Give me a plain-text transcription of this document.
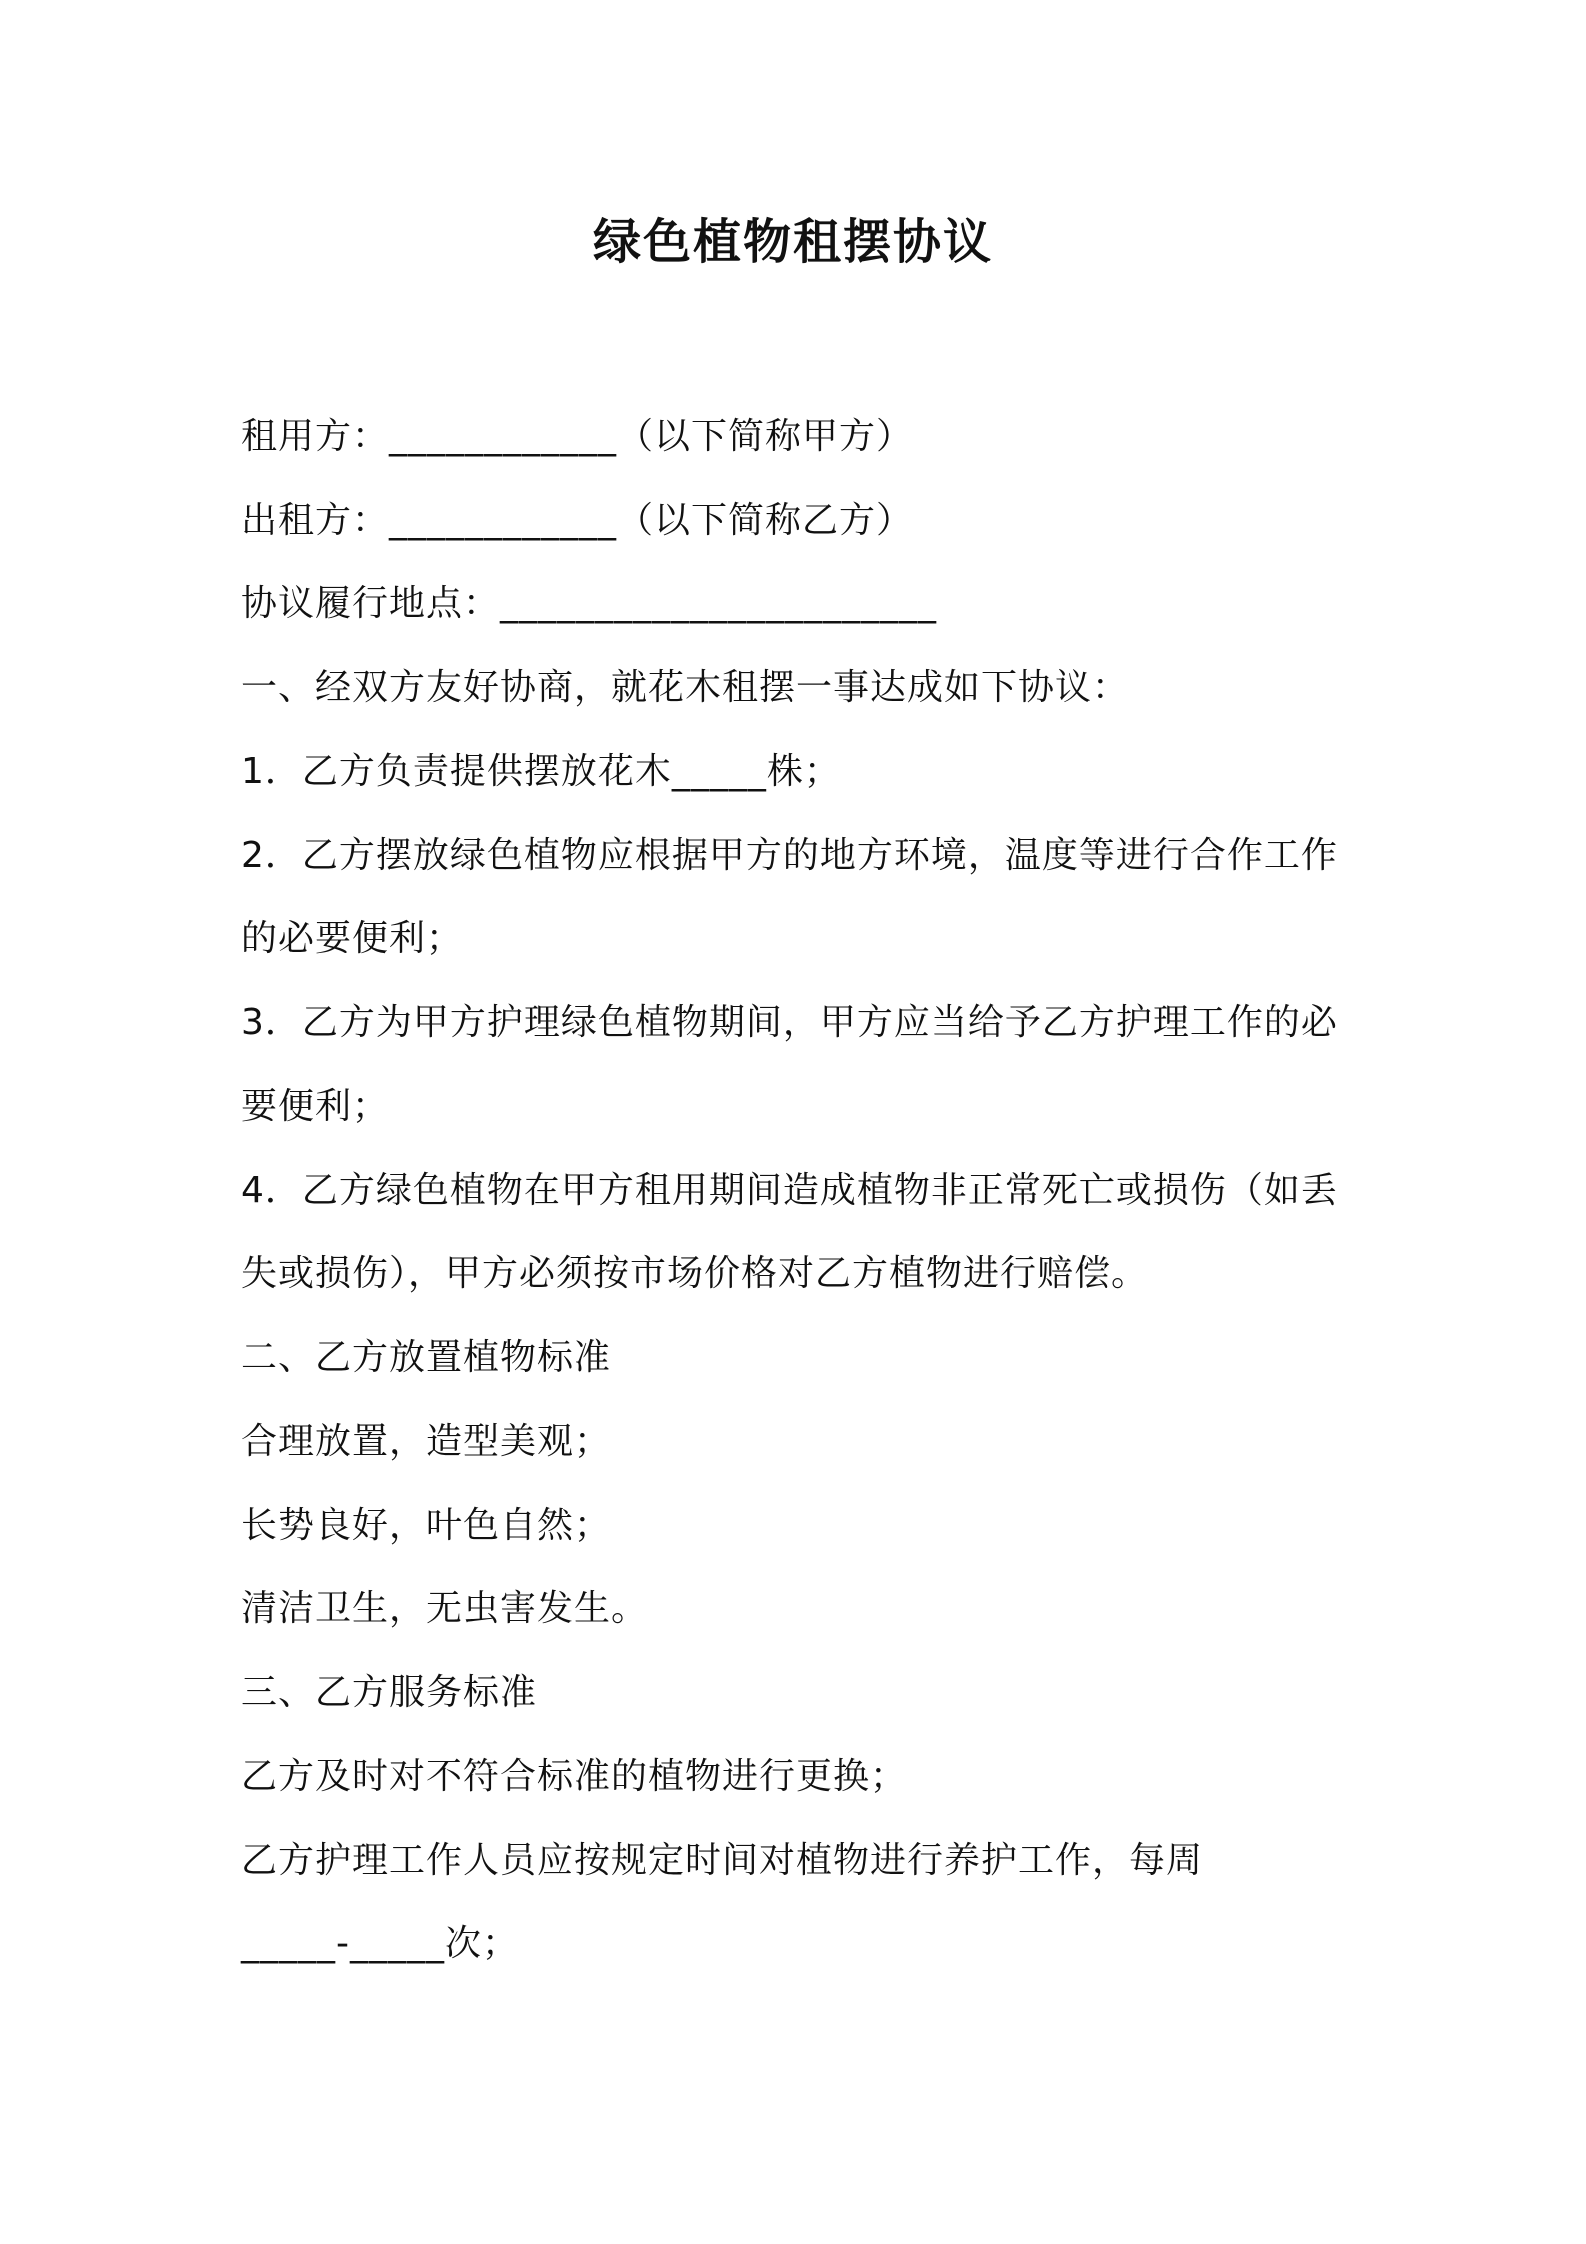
绿色植物租摆协议
租用方：____________（以下简称甲方）
出租方：____________（以下简称乙方）
协议履行地点：_______________________
一、经双方友好协商，就花木租摆一事达成如下协议：
1．乙方负责提供摆放花木_____株；
2．乙方摆放绿色植物应根据甲方的地方环境，温度等进行合作工作
的必要便利；
3．乙方为甲方护理绿色植物期间，甲方应当给予乙方护理工作的必
要便利；
4．乙方绿色植物在甲方租用期间造成植物非正常死亡或损伤（如丢
失或损伤），甲方必须按市场价格对乙方植物进行赔偿。
二、乙方放置植物标准
合理放置，造型美观；
长势良好，叶色自然；
清洁卫生，无虫害发生。
三、乙方服务标准
乙方及时对不符合标准的植物进行更换；
乙方护理工作人员应按规定时间对植物进行养护工作，每周
_____-_____次；
